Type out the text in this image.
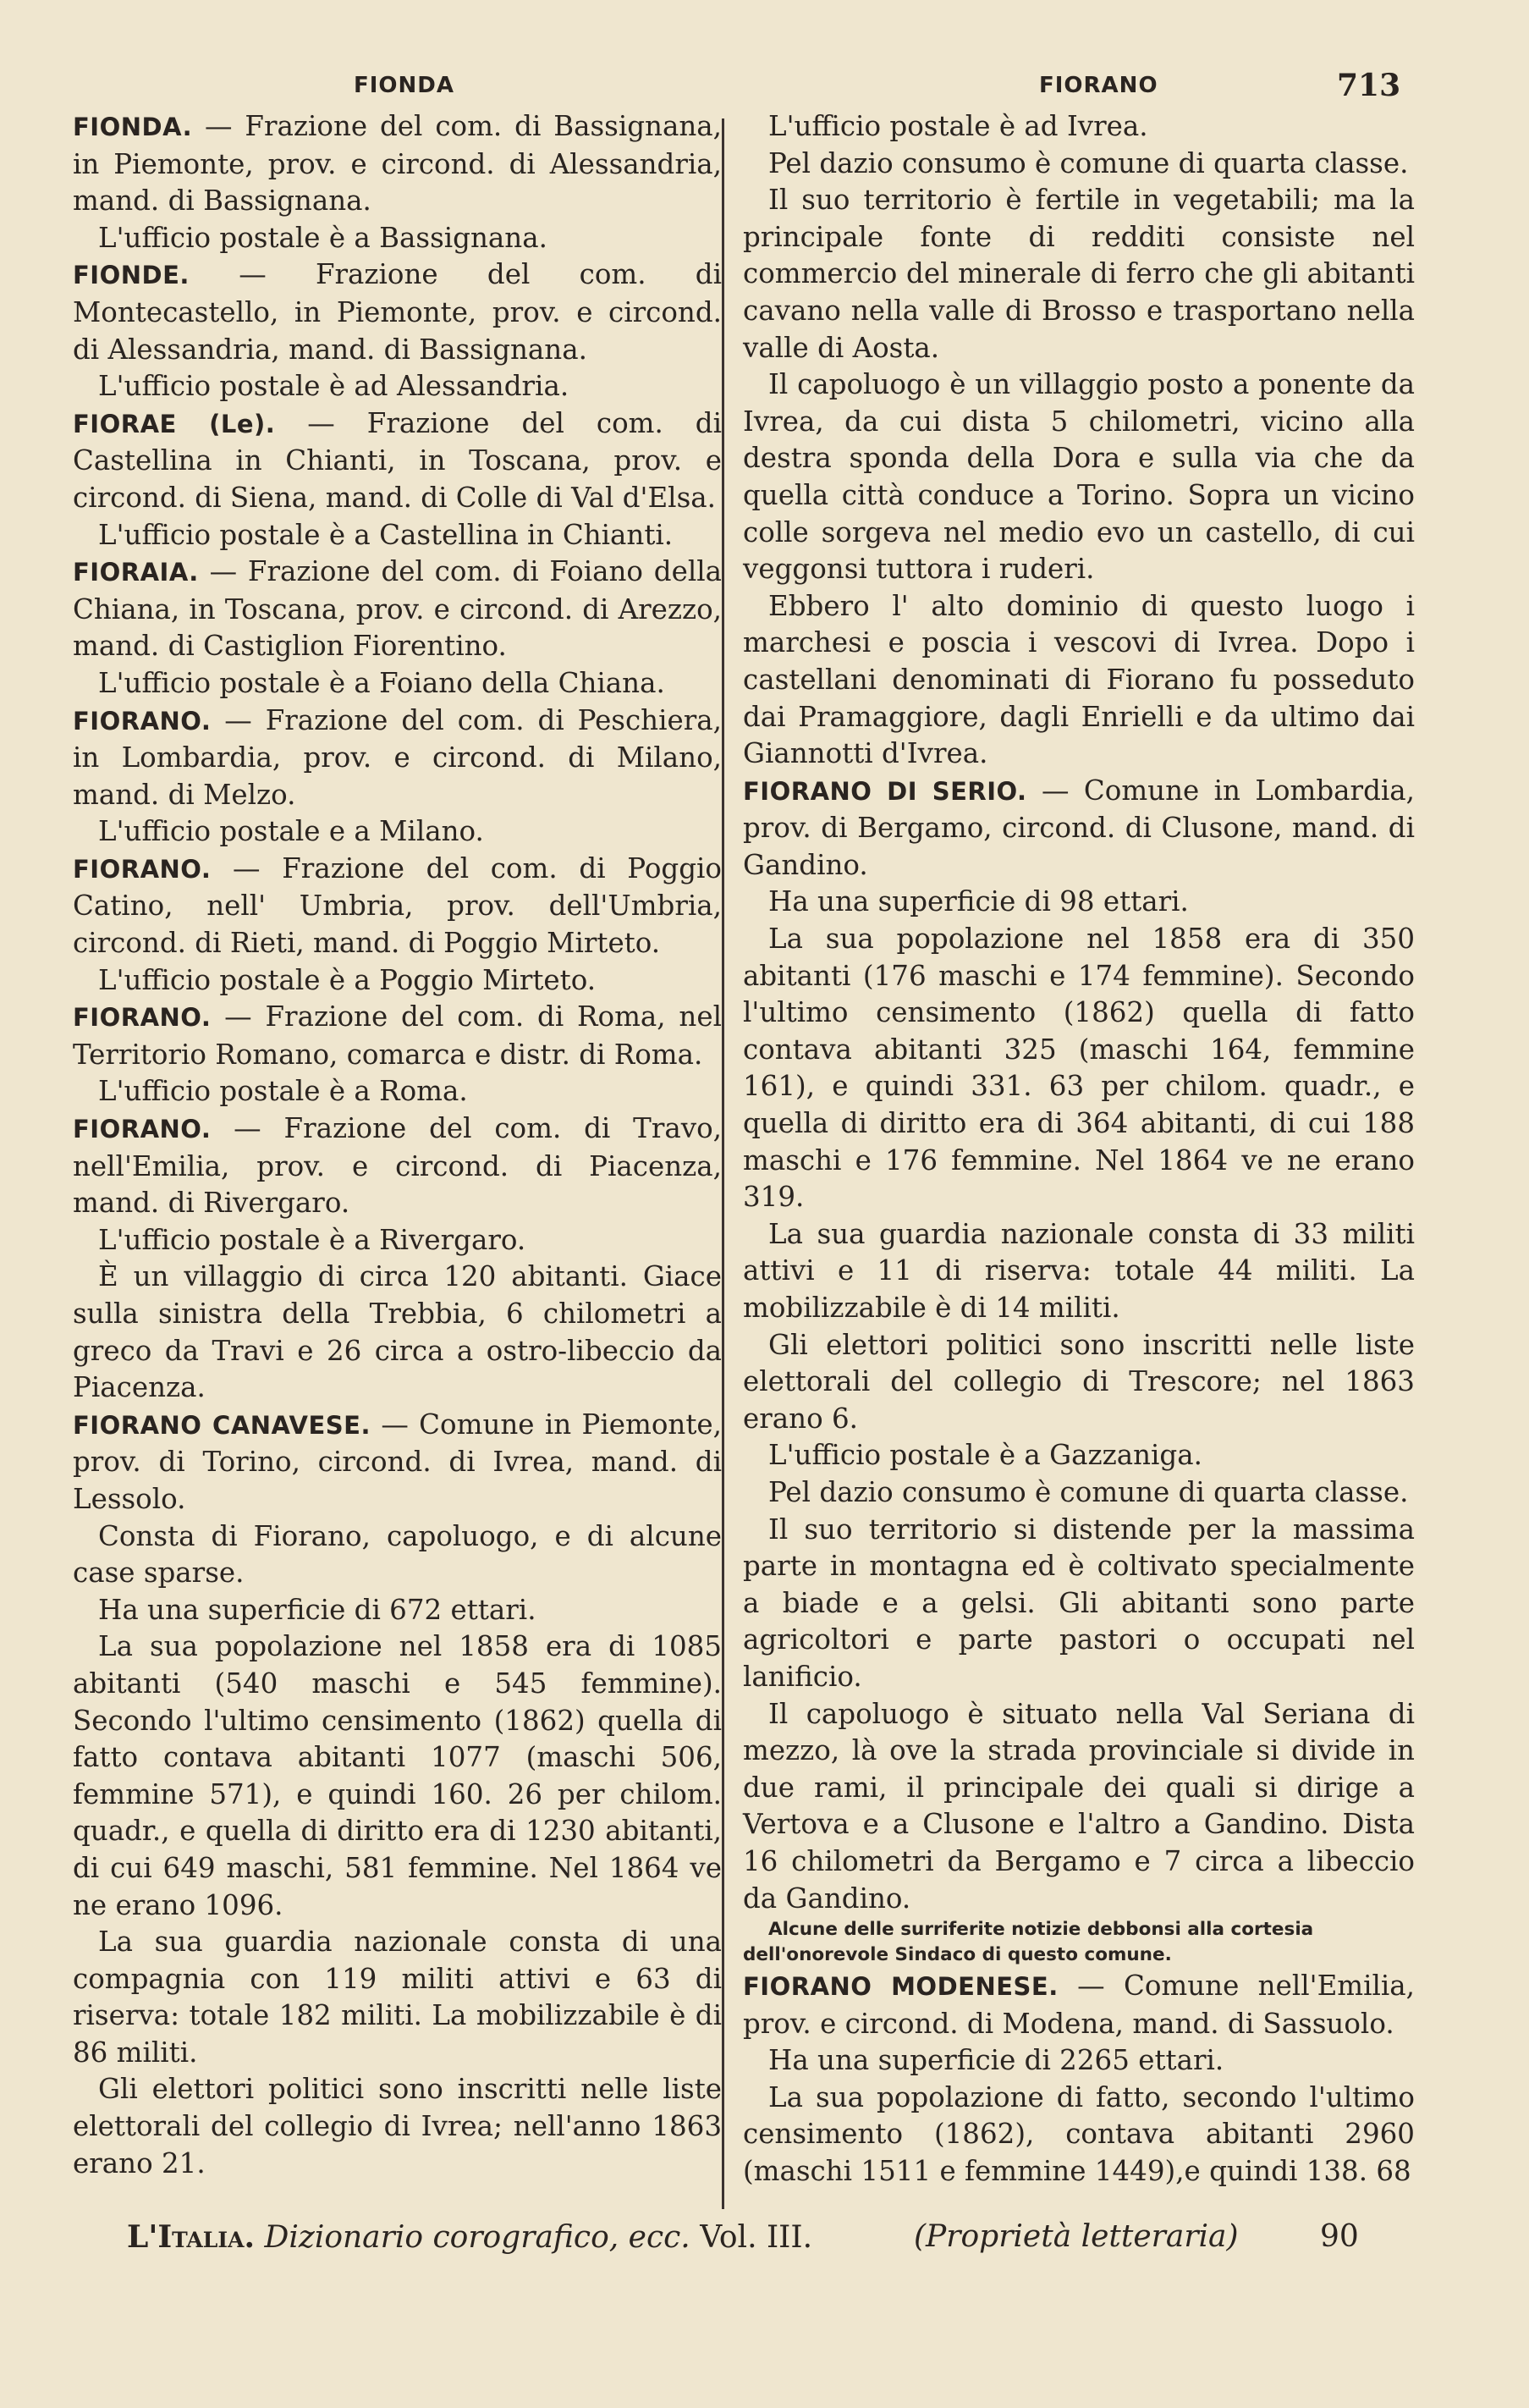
FIONDA	FIORANO	713

FIONDA. — Frazione del com. di Bassignana, in Piemonte, prov. e circond. di Alessandria, mand. di Bassignana.

L'ufficio postale è a Bassignana.

FIONDE. — Frazione del com. di Montecastello, in Piemonte, prov. e circond. di Alessandria, mand. di Bassignana.

L'ufficio postale è ad Alessandria.

FIORAE (Le). — Frazione del com. di Castellina in Chianti, in Toscana, prov. e circond. di Siena, mand. di Colle di Val d'Elsa.

L'ufficio postale è a Castellina in Chianti.

FIORAIA. — Frazione del com. di Foiano della Chiana, in Toscana, prov. e circond. di Arezzo, mand. di Castiglion Fiorentino.

L'ufficio postale è a Foiano della Chiana.

FIORANO. — Frazione del com. di Peschiera, in Lombardia, prov. e circond. di Milano, mand. di Melzo.

L'ufficio postale e a Milano.

FIORANO. — Frazione del com. di Poggio Catino, nell' Umbria, prov. dell'Umbria, circond. di Rieti, mand. di Poggio Mirteto.

L'ufficio postale è a Poggio Mirteto.

FIORANO. — Frazione del com. di Roma, nel Territorio Romano, comarca e distr. di Roma.

L'ufficio postale è a Roma.

FIORANO. — Frazione del com. di Travo, nell'Emilia, prov. e circond. di Piacenza, mand. di Rivergaro.

L'ufficio postale è a Rivergaro.

È un villaggio di circa 120 abitanti. Giace sulla sinistra della Trebbia, 6 chilometri a greco da Travi e 26 circa a ostro-libeccio da Piacenza.

FIORANO CANAVESE. — Comune in Piemonte, prov. di Torino, circond. di Ivrea, mand. di Lessolo.

Consta di Fiorano, capoluogo, e di alcune case sparse.

Ha una superficie di 672 ettari.

La sua popolazione nel 1858 era di 1085 abitanti (540 maschi e 545 femmine). Secondo l'ultimo censimento (1862) quella di fatto contava abitanti 1077 (maschi 506, femmine 571), e quindi 160. 26 per chilom. quadr., e quella di diritto era di 1230 abitanti, di cui 649 maschi, 581 femmine. Nel 1864 ve ne erano 1096.

La sua guardia nazionale consta di una compagnia con 119 militi attivi e 63 di riserva: totale 182 militi. La mobilizzabile è di 86 militi.

Gli elettori politici sono inscritti nelle liste elettorali del collegio di Ivrea; nell'anno 1863 erano 21.

L'ufficio postale è ad Ivrea.

Pel dazio consumo è comune di quarta classe.

Il suo territorio è fertile in vegetabili; ma la principale fonte di redditi consiste nel commercio del minerale di ferro che gli abitanti cavano nella valle di Brosso e trasportano nella valle di Aosta.

Il capoluogo è un villaggio posto a ponente da Ivrea, da cui dista 5 chilometri, vicino alla destra sponda della Dora e sulla via che da quella città conduce a Torino. Sopra un vicino colle sorgeva nel medio evo un castello, di cui veggonsi tuttora i ruderi.

Ebbero l' alto dominio di questo luogo i marchesi e poscia i vescovi di Ivrea. Dopo i castellani denominati di Fiorano fu posseduto dai Pramaggiore, dagli Enrielli e da ultimo dai Giannotti d'Ivrea.

FIORANO DI SERIO. — Comune in Lombardia, prov. di Bergamo, circond. di Clusone, mand. di Gandino.

Ha una superficie di 98 ettari.

La sua popolazione nel 1858 era di 350 abitanti (176 maschi e 174 femmine). Secondo l'ultimo censimento (1862) quella di fatto contava abitanti 325 (maschi 164, femmine 161), e quindi 331. 63 per chilom. quadr., e quella di diritto era di 364 abitanti, di cui 188 maschi e 176 femmine. Nel 1864 ve ne erano 319.

La sua guardia nazionale consta di 33 militi attivi e 11 di riserva: totale 44 militi. La mobilizzabile è di 14 militi.

Gli elettori politici sono inscritti nelle liste elettorali del collegio di Trescore; nel 1863 erano 6.

L'ufficio postale è a Gazzaniga.

Pel dazio consumo è comune di quarta classe.

Il suo territorio si distende per la massima parte in montagna ed è coltivato specialmente a biade e a gelsi. Gli abitanti sono parte agricoltori e parte pastori o occupati nel lanificio.

Il capoluogo è situato nella Val Seriana di mezzo, là ove la strada provinciale si divide in due rami, il principale dei quali si dirige a Vertova e a Clusone e l'altro a Gandino. Dista 16 chilometri da Bergamo e 7 circa a libeccio da Gandino.

Alcune delle surriferite notizie debbonsi alla cortesia dell'onorevole Sindaco di questo comune.

FIORANO MODENESE. — Comune nell'Emilia, prov. e circond. di Modena, mand. di Sassuolo.

Ha una superficie di 2265 ettari.

La sua popolazione di fatto, secondo l'ultimo censimento (1862), contava abitanti 2960 (maschi 1511 e femmine 1449),e quindi 138. 68

L'Italia. Dizionario corografico, ecc. Vol. III.	(Proprietà letteraria)	90
